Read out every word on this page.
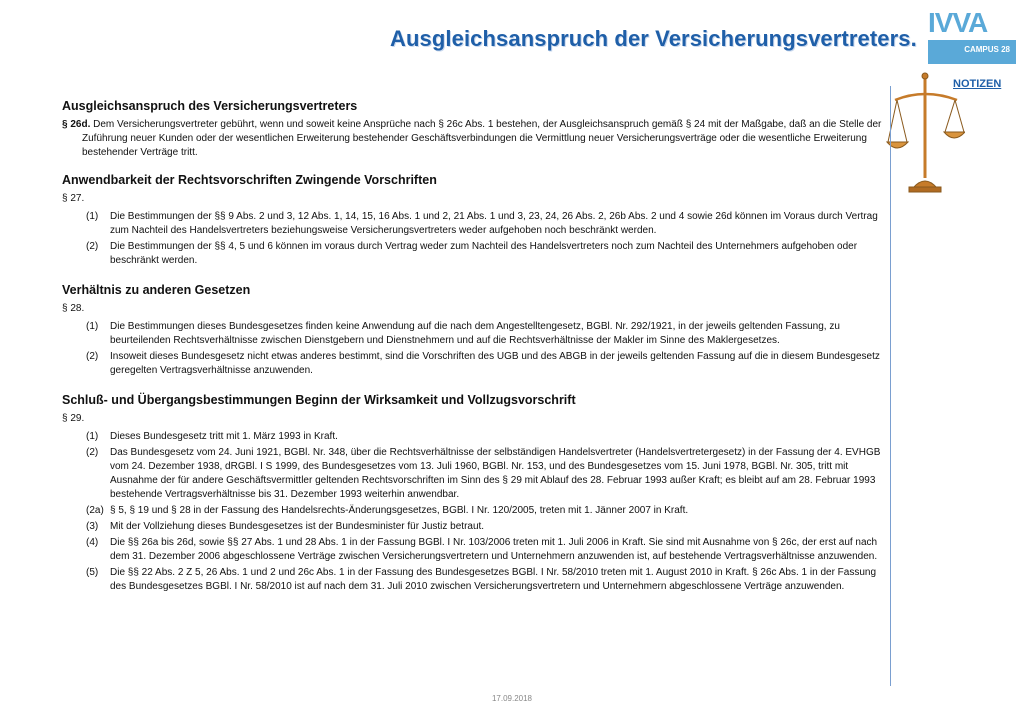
Ausgleichsanspruch der Versicherungsvertreters.
IVVA
CAMPUS 28
NOTIZEN
Ausgleichsanspruch des Versicherungsvertreters

§ 26d. Dem Versicherungsvertreter gebührt, wenn und soweit keine Ansprüche nach § 26c Abs. 1 bestehen, der Ausgleichsanspruch gemäß § 24 mit der Maßgabe, daß an die Stelle der Zuführung neuer Kunden oder der wesentlichen Erweiterung bestehender Geschäftsverbindungen die Vermittlung neuer Versicherungsverträge oder die wesentliche Erweiterung bestehender Verträge tritt.

Anwendbarkeit der Rechtsvorschriften Zwingende Vorschriften
§ 27.
(1)	Die Bestimmungen der §§ 9 Abs. 2 und 3, 12 Abs. 1, 14, 15, 16 Abs. 1 und 2, 21 Abs. 1 und 3, 23, 24, 26 Abs. 2, 26b Abs. 2 und 4 sowie 26d können im Voraus durch Vertrag zum Nachteil des Handelsvertreters beziehungsweise Versicherungsvertreters weder aufgehoben noch beschränkt werden.
(2)	Die Bestimmungen der §§ 4, 5 und 6 können im voraus durch Vertrag weder zum Nachteil des Handelsvertreters noch zum Nachteil des Unternehmers aufgehoben oder beschränkt werden.
Verhältnis zu anderen Gesetzen
§ 28.
(1)	Die Bestimmungen dieses Bundesgesetzes finden keine Anwendung auf die nach dem Angestelltengesetz, BGBl. Nr. 292/1921, in der jeweils geltenden Fassung, zu beurteilenden Rechtsverhältnisse zwischen Dienstgebern und Dienstnehmern und auf die Rechtsverhältnisse der Makler im Sinne des Maklergesetzes.
(2)	Insoweit dieses Bundesgesetz nicht etwas anderes bestimmt, sind die Vorschriften des UGB und des ABGB in der jeweils geltenden Fassung auf die in diesem Bundesgesetz geregelten Vertragsverhältnisse anzuwenden.
Schluß- und Übergangsbestimmungen Beginn der Wirksamkeit und Vollzugsvorschrift
§ 29.
(1)	Dieses Bundesgesetz tritt mit 1. März 1993 in Kraft.
(2)	Das Bundesgesetz vom 24. Juni 1921, BGBl. Nr. 348, über die Rechtsverhältnisse der selbständigen Handelsvertreter (Handelsvertretergesetz) in der Fassung der 4. EVHGB vom 24. Dezember 1938, dRGBl. I S 1999, des Bundesgesetzes vom 13. Juli 1960, BGBl. Nr. 153, und des Bundesgesetzes vom 15. Juni 1978, BGBl. Nr. 305, tritt mit Ausnahme der für andere Geschäftsvermittler geltenden Rechtsvorschriften im Sinn des § 29 mit Ablauf des 28. Februar 1993 außer Kraft; es bleibt auf am 28. Februar 1993 bestehende Vertragsverhältnisse bis 31. Dezember 1993 weiterhin anwendbar.
(2a) § 5, § 19 und § 28 in der Fassung des Handelsrechts-Änderungsgesetzes, BGBl. I Nr. 120/2005, treten mit 1. Jänner 2007 in Kraft.
(3)	Mit der Vollziehung dieses Bundesgesetzes ist der Bundesminister für Justiz betraut.
(4)	Die §§ 26a bis 26d, sowie §§ 27 Abs. 1 und 28 Abs. 1 in der Fassung BGBl. I Nr. 103/2006 treten mit 1. Juli 2006 in Kraft. Sie sind mit Ausnahme von § 26c, der erst auf nach dem 31. Dezember 2006 abgeschlossene Verträge zwischen Versicherungsvertretern und Unternehmern anzuwenden ist, auf bestehende Vertragsverhältnisse anzuwenden.
(5)	Die §§ 22 Abs. 2 Z 5, 26 Abs. 1 und 2 und 26c Abs. 1 in der Fassung des Bundesgesetzes BGBl. I Nr. 58/2010 treten mit 1. August 2010 in Kraft. § 26c Abs. 1 in der Fassung des Bundesgesetzes BGBl. I Nr. 58/2010 ist auf nach dem 31. Juli 2010 zwischen Versicherungsvertretern und Unternehmern abgeschlossene Verträge anzuwenden.
17.09.2018
